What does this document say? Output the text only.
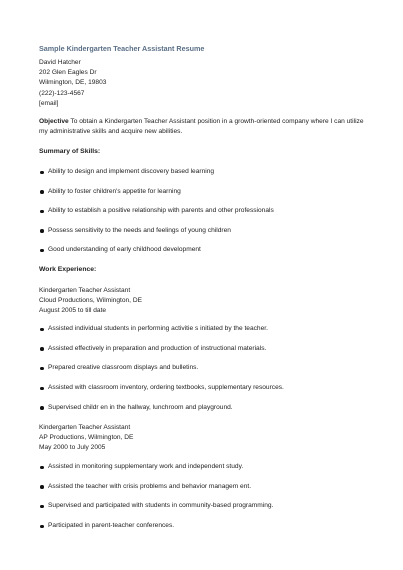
Sample Kindergarten Teacher Assistant Resume
David Hatcher
202 Glen Eagles Dr
Wilmington, DE, 19803
(222)-123-4567
[email]
Objective To obtain a Kindergarten Teacher Assistant position in a growth-oriented company where I can utilize my administrative skills and acquire new abilities.
Summary of Skills:
Ability to design and implement discovery based learning
Ability to foster children's appetite for learning
Ability to establish a positive relationship with parents and other professionals
Possess sensitivity to the needs and feelings of young children
Good understanding of early childhood development
Work Experience:
Kindergarten Teacher Assistant
Cloud Productions, Wilmington, DE
August 2005 to till date
Assisted individual students in performing activitie s initiated by the teacher.
Assisted effectively in preparation and production of instructional materials.
Prepared creative classroom displays and bulletins.
Assisted with classroom inventory, ordering textbooks, supplementary resources.
Supervised childr en in the hallway, lunchroom and playground.
Kindergarten Teacher Assistant
AP Productions, Wilmington, DE
May 2000 to July 2005
Assisted in monitoring supplementary work and independent study.
Assisted the teacher with crisis problems and behavior managem ent.
Supervised and participated with students in community-based programming.
Participated in parent-teacher conferences.
